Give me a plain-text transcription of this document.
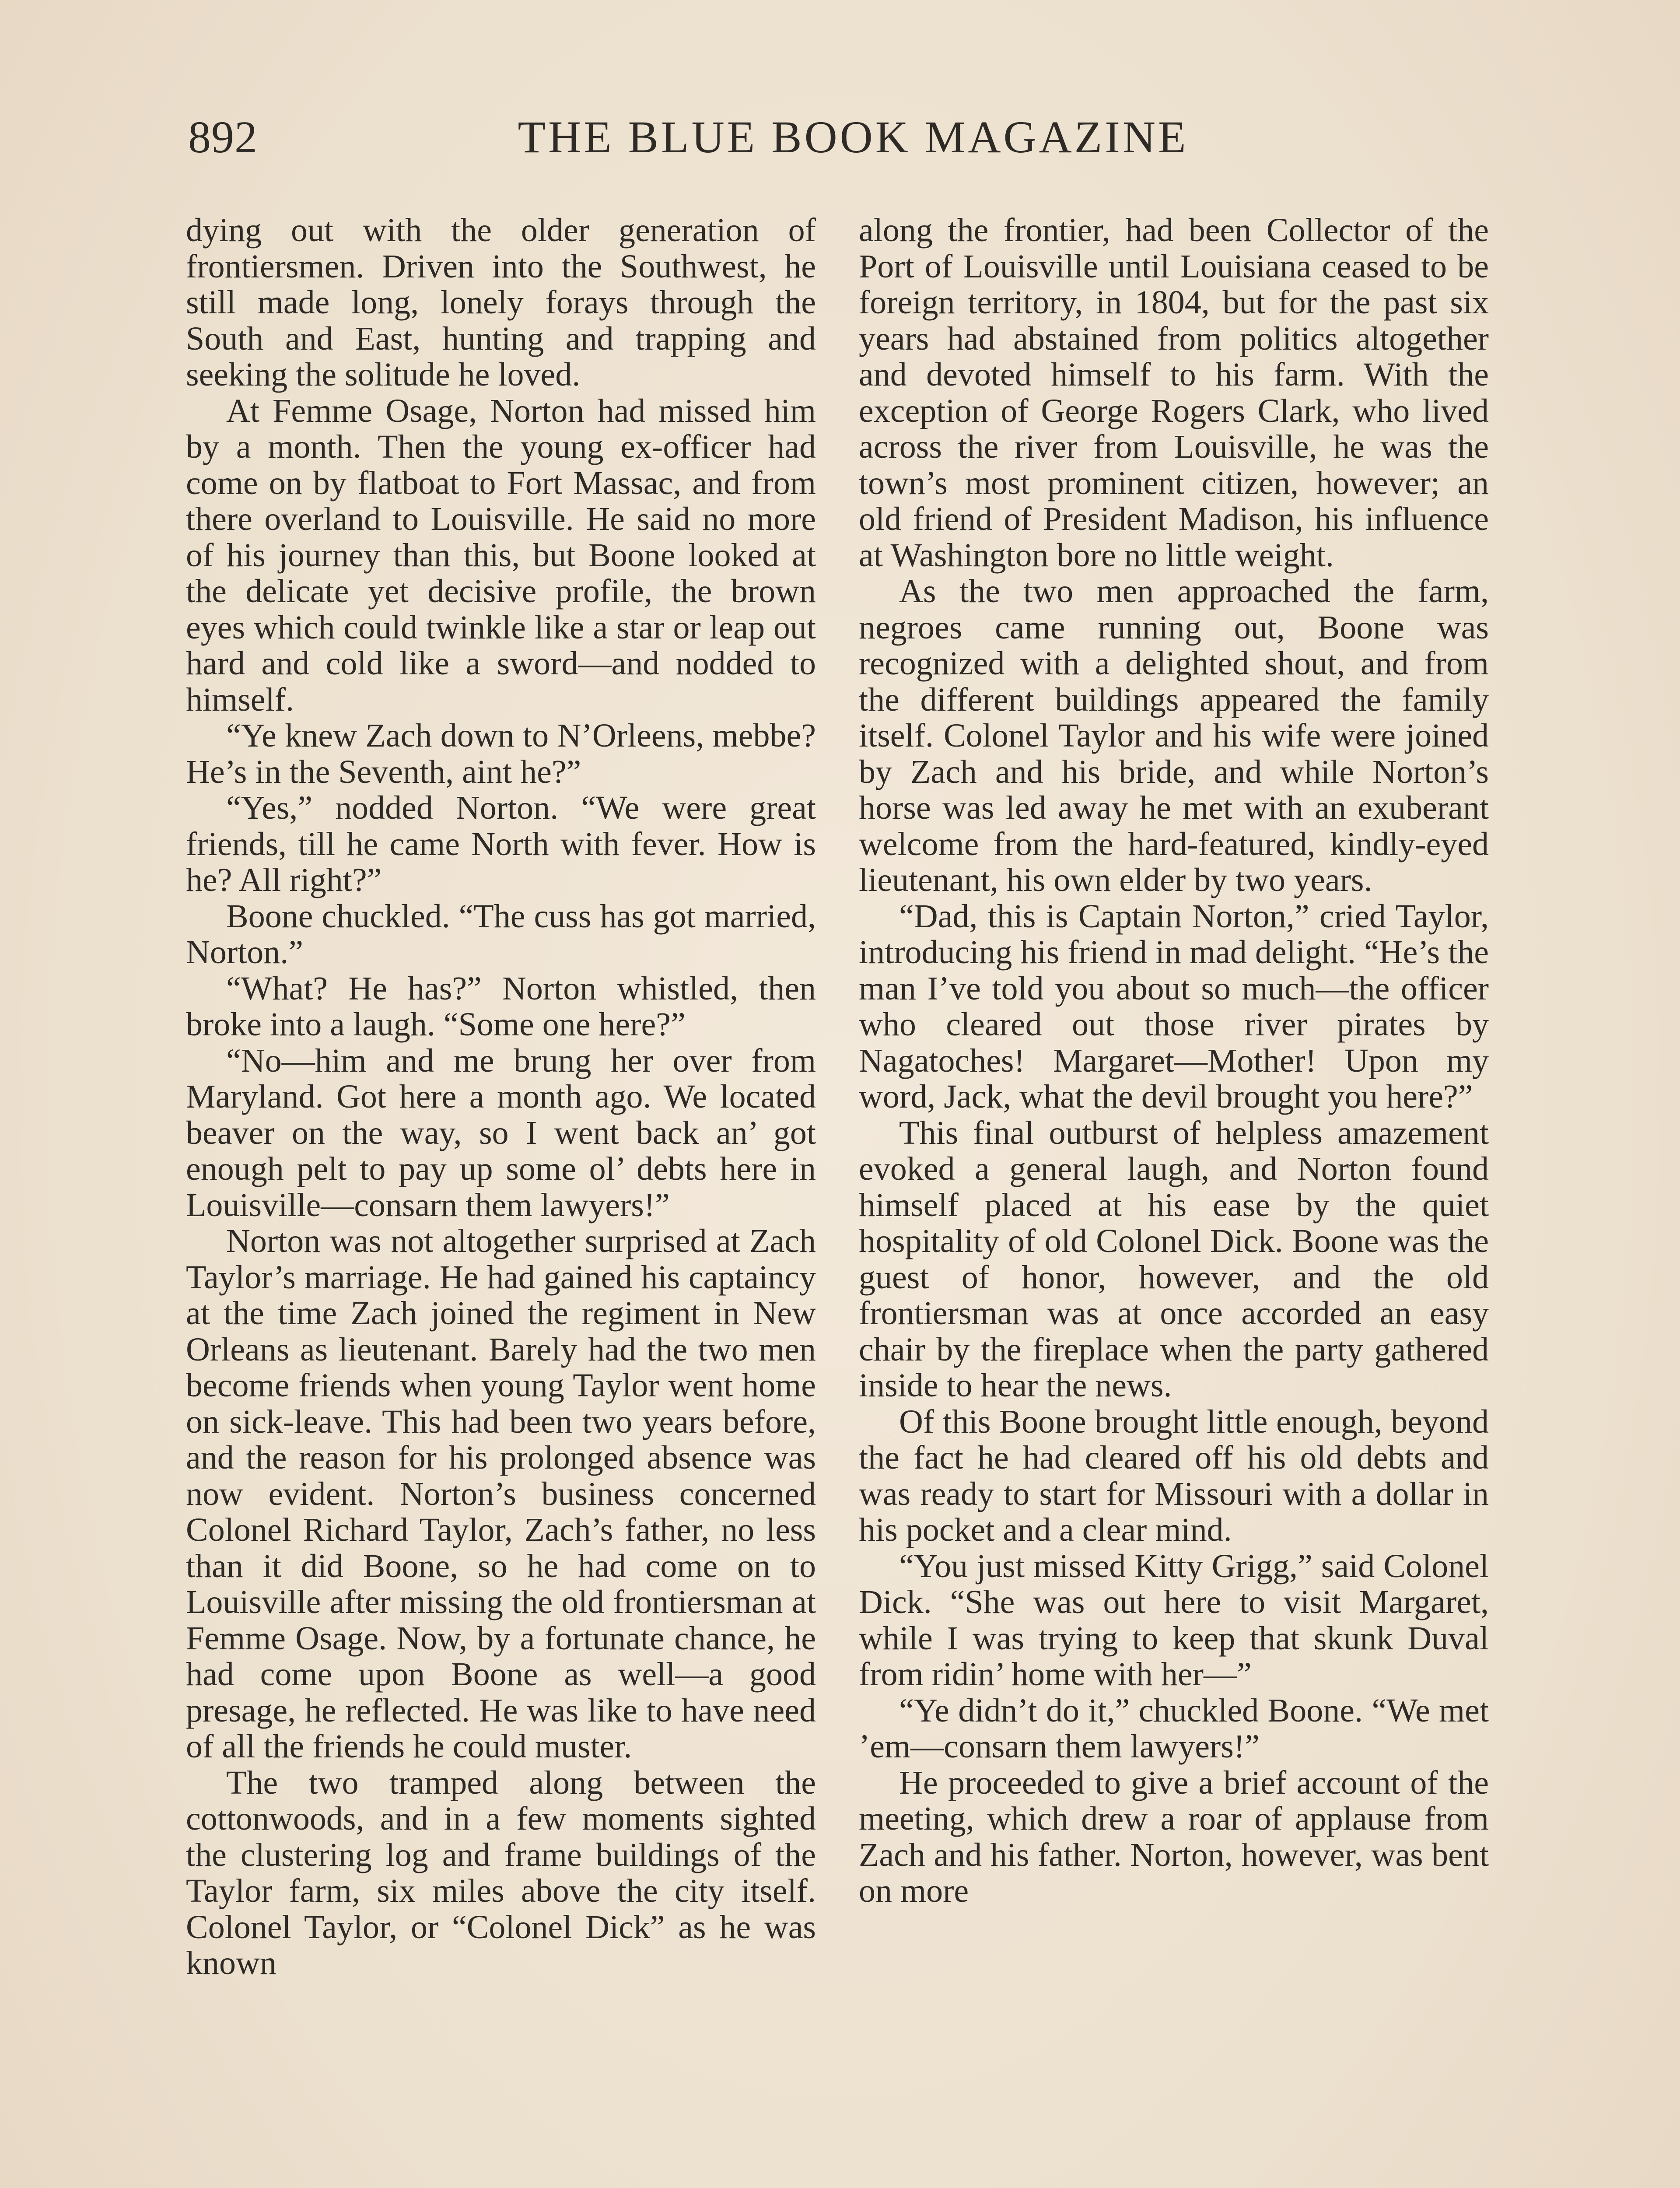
892	THE BLUE BOOK MAGAZINE

dying out with the older generation of frontiersmen. Driven into the Southwest, he still made long, lonely forays through the South and East, hunting and trapping and seeking the solitude he loved.

At Femme Osage, Norton had missed him by a month. Then the young ex-officer had come on by flatboat to Fort Massac, and from there overland to Louisville. He said no more of his journey than this, but Boone looked at the delicate yet decisive profile, the brown eyes which could twinkle like a star or leap out hard and cold like a sword—and nodded to himself.

“Ye knew Zach down to N’Orleens, mebbe? He’s in the Seventh, aint he?”

“Yes,” nodded Norton. “We were great friends, till he came North with fever. How is he? All right?”

Boone chuckled. “The cuss has got married, Norton.”

“What? He has?” Norton whistled, then broke into a laugh. “Some one here?”

“No—him and me brung her over from Maryland. Got here a month ago. We located beaver on the way, so I went back an’ got enough pelt to pay up some ol’ debts here in Louisville—consarn them lawyers!”

Norton was not altogether surprised at Zach Taylor’s marriage. He had gained his captaincy at the time Zach joined the regiment in New Orleans as lieutenant. Barely had the two men become friends when young Taylor went home on sick-leave. This had been two years before, and the reason for his prolonged absence was now evident. Norton’s business concerned Colonel Richard Taylor, Zach’s father, no less than it did Boone, so he had come on to Louisville after missing the old frontiersman at Femme Osage. Now, by a fortunate chance, he had come upon Boone as well—a good presage, he reflected. He was like to have need of all the friends he could muster.

The two tramped along between the cottonwoods, and in a few moments sighted the clustering log and frame buildings of the Taylor farm, six miles above the city itself. Colonel Taylor, or “Colonel Dick” as he was known

along the frontier, had been Collector of the Port of Louisville until Louisiana ceased to be foreign territory, in 1804, but for the past six years had abstained from politics altogether and devoted himself to his farm. With the exception of George Rogers Clark, who lived across the river from Louisville, he was the town’s most prominent citizen, however; an old friend of President Madison, his influence at Washington bore no little weight.

As the two men approached the farm, negroes came running out, Boone was recognized with a delighted shout, and from the different buildings appeared the family itself. Colonel Taylor and his wife were joined by Zach and his bride, and while Norton’s horse was led away he met with an exuberant welcome from the hard-featured, kindly-eyed lieutenant, his own elder by two years.

“Dad, this is Captain Norton,” cried Taylor, introducing his friend in mad delight. “He’s the man I’ve told you about so much—the officer who cleared out those river pirates by Nagatoches! Margaret—Mother! Upon my word, Jack, what the devil brought you here?”

This final outburst of helpless amazement evoked a general laugh, and Norton found himself placed at his ease by the quiet hospitality of old Colonel Dick. Boone was the guest of honor, however, and the old frontiersman was at once accorded an easy chair by the fireplace when the party gathered inside to hear the news.

Of this Boone brought little enough, beyond the fact he had cleared off his old debts and was ready to start for Missouri with a dollar in his pocket and a clear mind.

“You just missed Kitty Grigg,” said Colonel Dick. “She was out here to visit Margaret, while I was trying to keep that skunk Duval from ridin’ home with her—”

“Ye didn’t do it,” chuckled Boone. “We met ’em—consarn them lawyers!”

He proceeded to give a brief account of the meeting, which drew a roar of applause from Zach and his father. Norton, however, was bent on more
